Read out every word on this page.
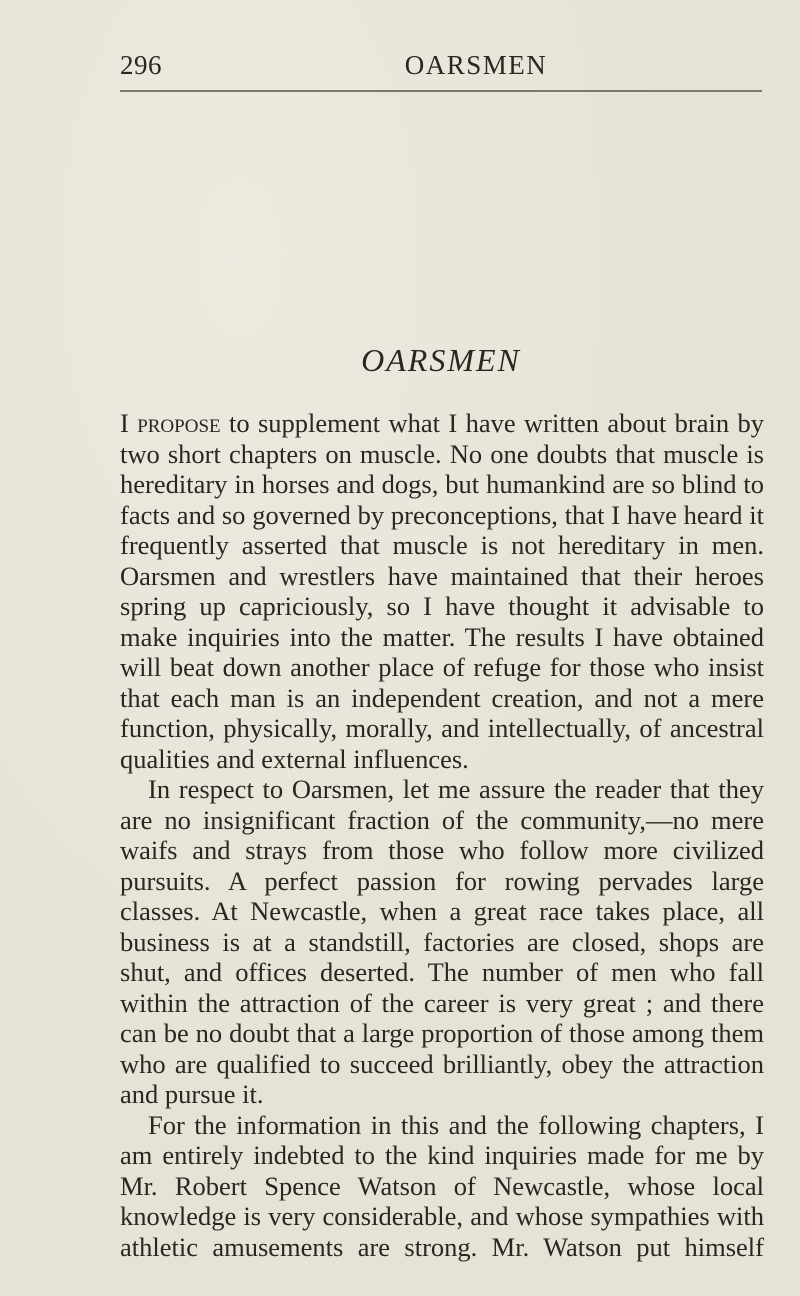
296	OARSMEN
OARSMEN

I propose to supplement what I have written about brain by two short chapters on muscle. No one doubts that muscle is hereditary in horses and dogs, but humankind are so blind to facts and so governed by preconceptions, that I have heard it frequently asserted that muscle is not hereditary in men. Oarsmen and wrestlers have maintained that their heroes spring up capriciously, so I have thought it advisable to make inquiries into the matter. The results I have obtained will beat down another place of refuge for those who insist that each man is an independent creation, and not a mere function, physically, morally, and intellectually, of ancestral qualities and external influences.

In respect to Oarsmen, let me assure the reader that they are no insignificant fraction of the community,—no mere waifs and strays from those who follow more civilized pursuits. A perfect passion for rowing pervades large classes. At Newcastle, when a great race takes place, all business is at a standstill, factories are closed, shops are shut, and offices deserted. The number of men who fall within the attraction of the career is very great ; and there can be no doubt that a large proportion of those among them who are qualified to succeed brilliantly, obey the attraction and pursue it.

For the information in this and the following chapters, I am entirely indebted to the kind inquiries made for me by Mr. Robert Spence Watson of Newcastle, whose local knowledge is very considerable, and whose sympathies with athletic amusements are strong. Mr. Watson put himself
